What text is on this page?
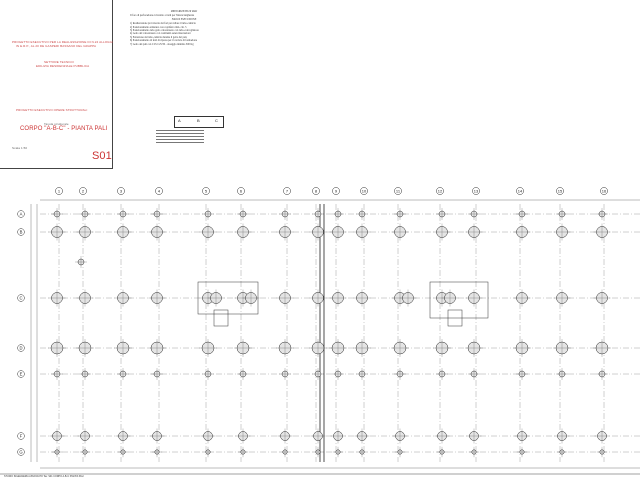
PROGETTO ESECUTIVO PER LA REALIZZAZIONE DI N.24 ALLOGGI
IN E.R.P., AL 20 DE GASPERI BASSANO DEL GRAPPA
SETTORE TECNICO
EDILIZIA RESIDENZIALE PUBBLICA
PROGETTO ESECUTIVO OPERE STRUTTURALI
Tavola strutturale
CORPO "A-B-C" - PIANTA PALI
Scala 1:50
S01
PRESCRIZIONI DI PALI
Il foro di perforazione è rivestito a tratti per l'intera lunghezza
FASI DI ESECUZIONE
1) Realizzazione provvisoria dei fori per rullare il tubo-camicia
2) Posizionamento armatura con copriferro min. cm. 5
3) Posizionamento tubo getto calcestruzzo con tubo-convogliatore
4) Getto del calcestruzzo con continuità senza interruzioni
5) Estrazione del tubo-camicia durante il getto del palo
6) Posizionamento di ferri di ripresa per il cordolo di fondazione
7) Getto dei pali con CLS C25/30 - dosaggio minimo 300 Kg
A	B	C
A
B
C
D
E
F
G
1	2	3	4	5	6	7	8	9	10	11	12	13	14	15	16
STUDIO INGEGNERIA ASSOCIATO Tav. S01 CORPO A-B-C PIANTA PALI
